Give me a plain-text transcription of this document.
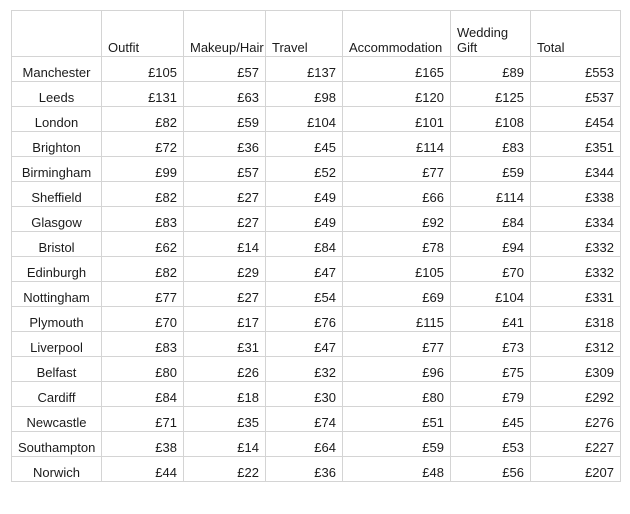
	Outfit	Makeup/Hair	Travel	Accommodation	Wedding Gift	Total
Manchester	£105	£57	£137	£165	£89	£553
Leeds	£131	£63	£98	£120	£125	£537
London	£82	£59	£104	£101	£108	£454
Brighton	£72	£36	£45	£114	£83	£351
Birmingham	£99	£57	£52	£77	£59	£344
Sheffield	£82	£27	£49	£66	£114	£338
Glasgow	£83	£27	£49	£92	£84	£334
Bristol	£62	£14	£84	£78	£94	£332
Edinburgh	£82	£29	£47	£105	£70	£332
Nottingham	£77	£27	£54	£69	£104	£331
Plymouth	£70	£17	£76	£115	£41	£318
Liverpool	£83	£31	£47	£77	£73	£312
Belfast	£80	£26	£32	£96	£75	£309
Cardiff	£84	£18	£30	£80	£79	£292
Newcastle	£71	£35	£74	£51	£45	£276
Southampton	£38	£14	£64	£59	£53	£227
Norwich	£44	£22	£36	£48	£56	£207
